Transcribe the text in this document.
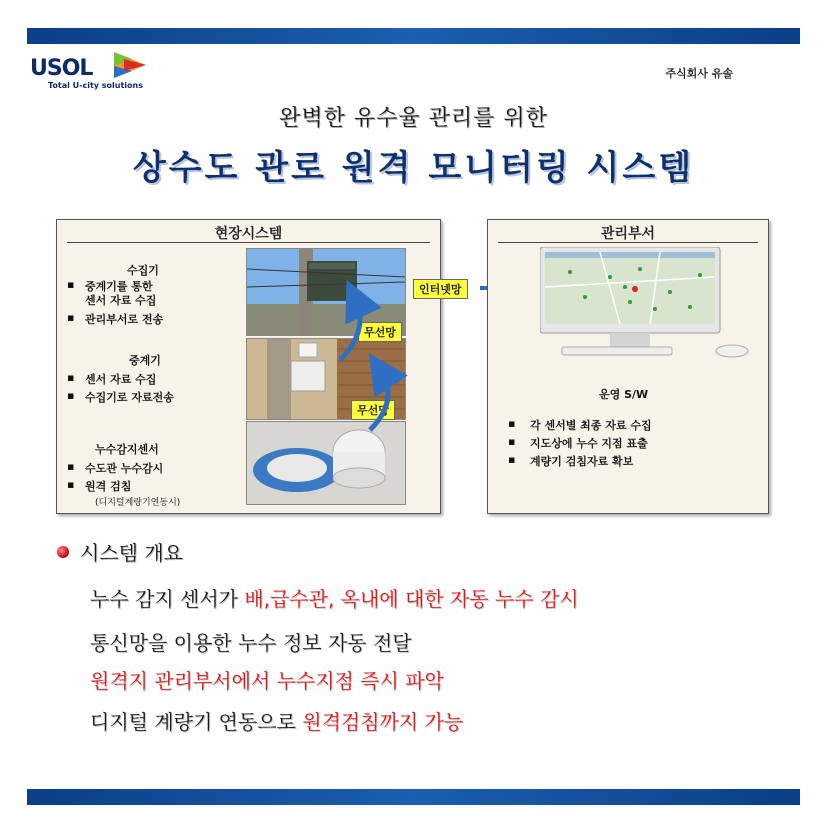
USOL
Total U-city solutions
주식회사 유솔
완벽한 유수율 관리를 위한
상수도 관로 원격 모니터링 시스템
현장시스템
수집기
▪ 중계기를 통한
센서 자료 수집
▪ 관리부서로 전송
중계기
▪ 센서 자료 수집
▪ 수집기로 자료전송
누수감지센서
▪ 수도관 누수감시
▪ 원격 검침
(디지털계량기연동시)
인터넷망
무선망
무선망
관리부서
운영 S/W
▪ 각 센서별 최종 자료 수집
▪ 지도상에 누수 지점 표출
▪ 계량기 검침자료 확보
시스템 개요
누수 감지 센서가 배,급수관, 옥내에 대한 자동 누수 감시
통신망을 이용한 누수 정보 자동 전달
원격지 관리부서에서 누수지점 즉시 파악
디지털 계량기 연동으로 원격검침까지 가능
